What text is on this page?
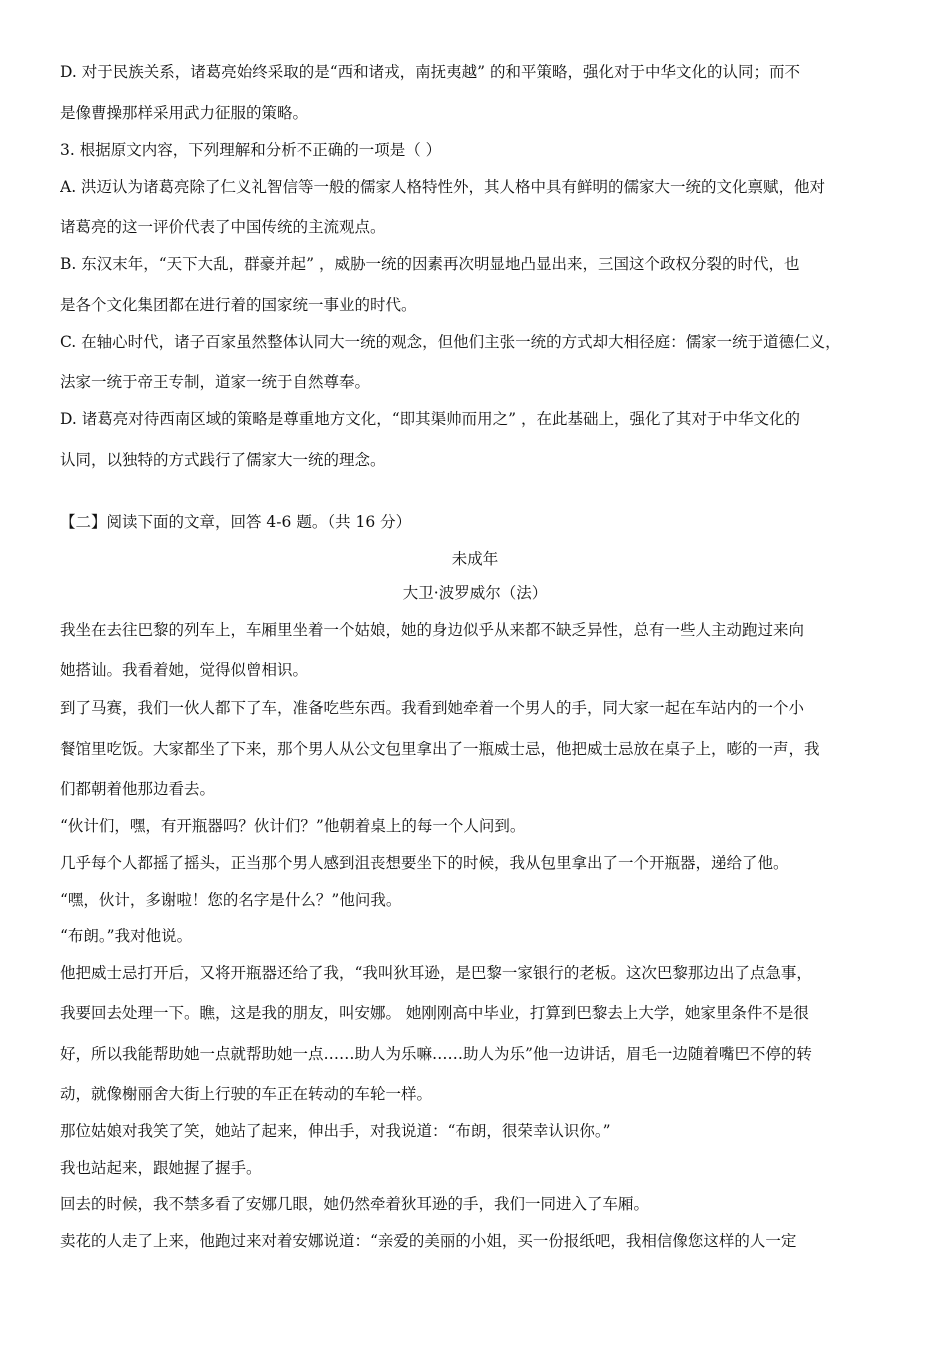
D. 对于民族关系，诸葛亮始终采取的是“西和诸戎，南抚夷越” 的和平策略，强化对于中华文化的认同；而不
是像曹操那样采用武力征服的策略。
3. 根据原文内容，下列理解和分析不正确的一项是（ ）
A. 洪迈认为诸葛亮除了仁义礼智信等一般的儒家人格特性外，其人格中具有鲜明的儒家大一统的文化禀赋，他对
诸葛亮的这一评价代表了中国传统的主流观点。
B. 东汉末年，“天下大乱，群豪并起” ，威胁一统的因素再次明显地凸显出来，三国这个政权分裂的时代，也
是各个文化集团都在进行着的国家统一事业的时代。
C. 在轴心时代，诸子百家虽然整体认同大一统的观念，但他们主张一统的方式却大相径庭：儒家一统于道德仁义，
法家一统于帝王专制，道家一统于自然尊奉。
D. 诸葛亮对待西南区域的策略是尊重地方文化，“即其渠帅而用之” ，在此基础上，强化了其对于中华文化的
认同，以独特的方式践行了儒家大一统的理念。
【二】阅读下面的文章，回答 4-6 题。（共 16 分）
未成年
大卫·波罗威尔（法）
我坐在去往巴黎的列车上，车厢里坐着一个姑娘，她的身边似乎从来都不缺乏异性，总有一些人主动跑过来向
她搭讪。我看着她，觉得似曾相识。
到了马赛，我们一伙人都下了车，准备吃些东西。我看到她牵着一个男人的手，同大家一起在车站内的一个小
餐馆里吃饭。大家都坐了下来，那个男人从公文包里拿出了一瓶威士忌，他把威士忌放在桌子上，嘭的一声，我
们都朝着他那边看去。
“伙计们，嘿，有开瓶器吗？伙计们？”他朝着桌上的每一个人问到。
几乎每个人都摇了摇头，正当那个男人感到沮丧想要坐下的时候，我从包里拿出了一个开瓶器，递给了他。
“嘿，伙计，多谢啦！您的名字是什么？”他问我。
“布朗。”我对他说。
他把威士忌打开后，又将开瓶器还给了我，“我叫狄耳逊，是巴黎一家银行的老板。这次巴黎那边出了点急事，
我要回去处理一下。瞧，这是我的朋友，叫安娜。 她刚刚高中毕业，打算到巴黎去上大学，她家里条件不是很
好，所以我能帮助她一点就帮助她一点……助人为乐嘛……助人为乐”他一边讲话，眉毛一边随着嘴巴不停的转
动，就像榭丽舍大街上行驶的车正在转动的车轮一样。
那位姑娘对我笑了笑，她站了起来，伸出手，对我说道：“布朗，很荣幸认识你。”
我也站起来，跟她握了握手。
回去的时候，我不禁多看了安娜几眼，她仍然牵着狄耳逊的手，我们一同进入了车厢。
卖花的人走了上来，他跑过来对着安娜说道：“亲爱的美丽的小姐，买一份报纸吧，我相信像您这样的人一定
